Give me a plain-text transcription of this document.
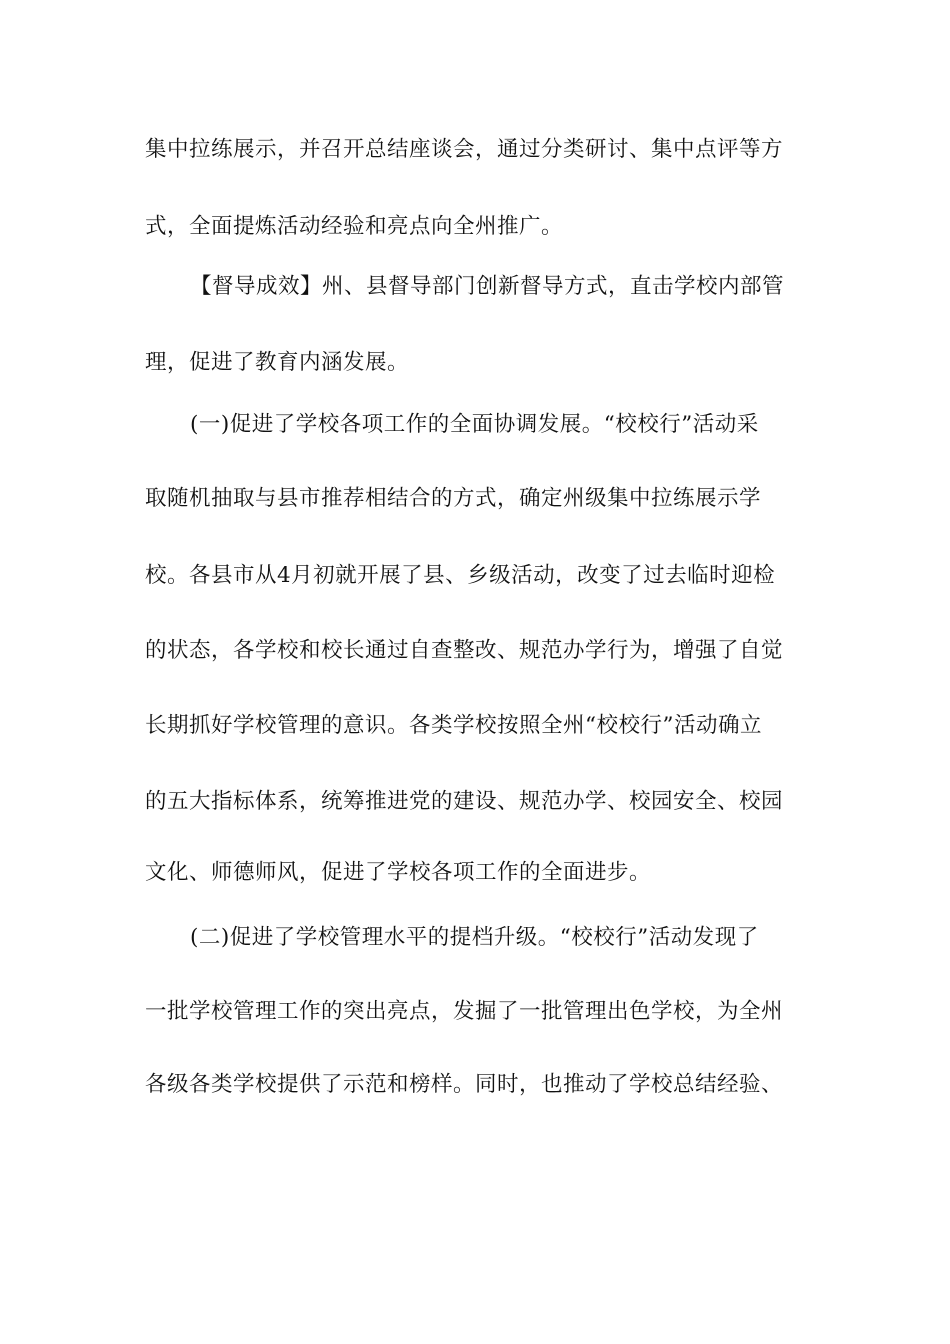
集中拉练展示，并召开总结座谈会，通过分类研讨、集中点评等方

式，全面提炼活动经验和亮点向全州推广。

【督导成效】州、县督导部门创新督导方式，直击学校内部管

理，促进了教育内涵发展。

(一)促进了学校各项工作的全面协调发展。“校校行”活动采

取随机抽取与县市推荐相结合的方式，确定州级集中拉练展示学

校。各县市从4月初就开展了县、乡级活动，改变了过去临时迎检

的状态，各学校和校长通过自查整改、规范办学行为，增强了自觉

长期抓好学校管理的意识。各类学校按照全州“校校行”活动确立

的五大指标体系，统筹推进党的建设、规范办学、校园安全、校园

文化、师德师风，促进了学校各项工作的全面进步。

(二)促进了学校管理水平的提档升级。“校校行”活动发现了

一批学校管理工作的突出亮点，发掘了一批管理出色学校，为全州

各级各类学校提供了示范和榜样。同时，也推动了学校总结经验、
